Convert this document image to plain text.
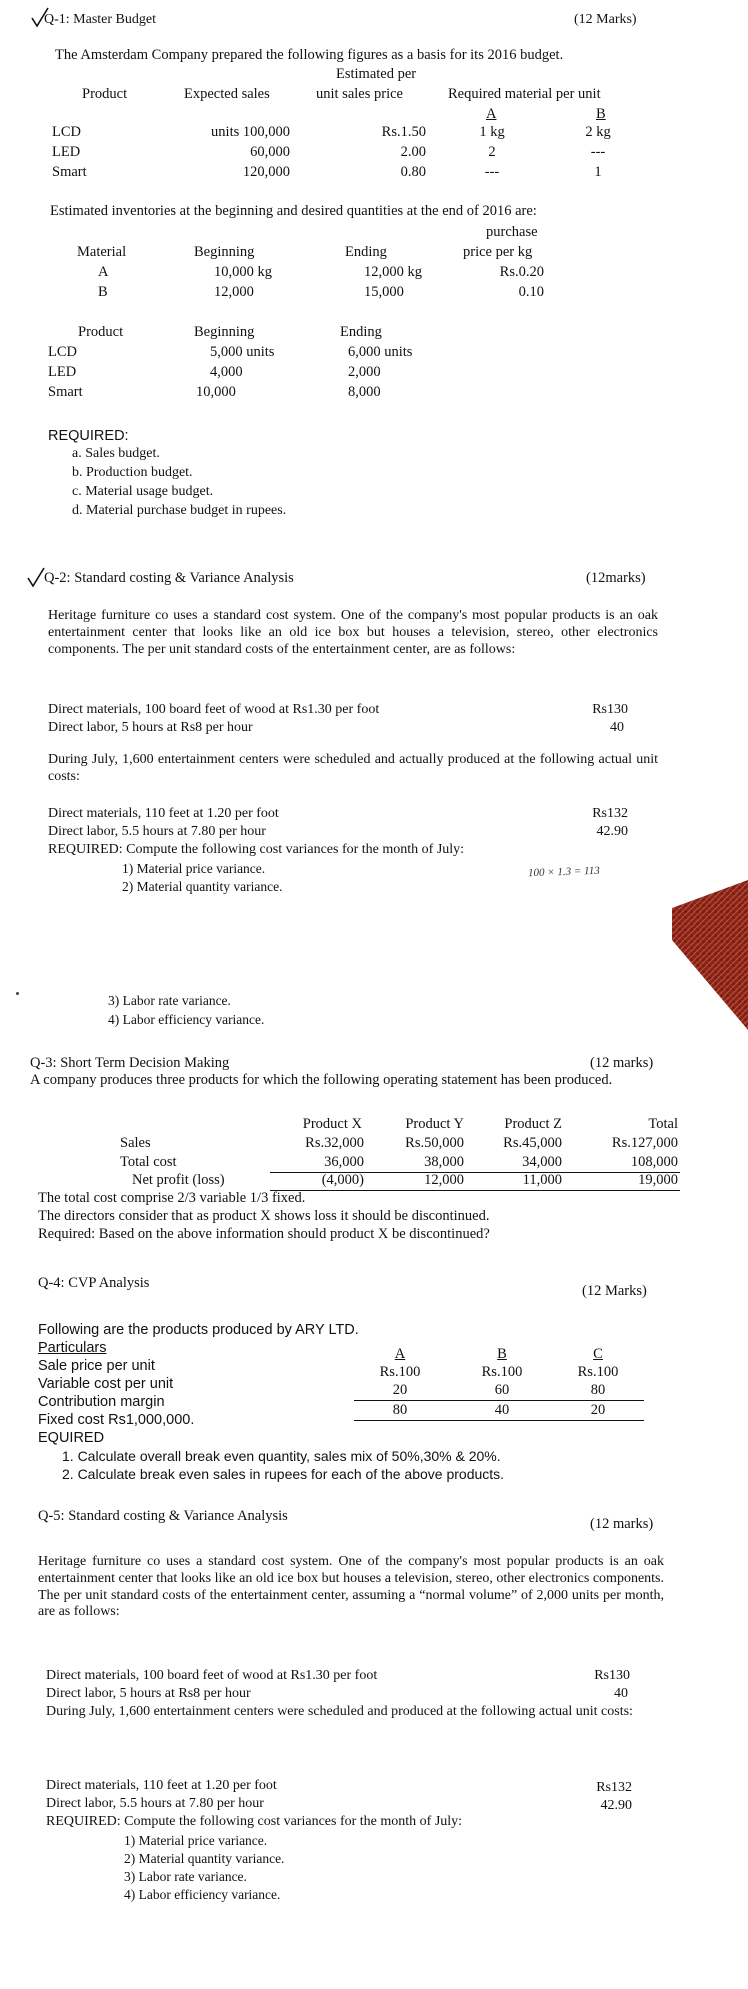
Q-1: Master Budget	(12 Marks)
The Amsterdam Company prepared the following figures as a basis for its 2016 budget.
Estimated per
Product	Expected sales	unit sales price	Required material per unit
A	B
LCD	units 100,000	Rs.1.50	1 kg	2 kg
LED	60,000	2.00	2	---
Smart	120,000	0.80	---	1
Estimated inventories at the beginning and desired quantities at the end of 2016 are:
purchase
Material	Beginning	Ending	price per kg
A	10,000 kg	12,000 kg	Rs.0.20
B	12,000	15,000	0.10
Product	Beginning	Ending
LCD	5,000 units	6,000 units
LED	4,000	2,000
Smart	10,000	8,000
REQUIRED:
a. Sales budget.
b. Production budget.
c. Material usage budget.
d. Material purchase budget in rupees.
Q-2: Standard costing & Variance Analysis	(12marks)
Heritage furniture co uses a standard cost system. One of the company's most popular products is an oak entertainment center that looks like an old ice box but houses a television, stereo, other electronics components. The per unit standard costs of the entertainment center, are as follows:
Direct materials, 100 board feet of wood at Rs1.30 per foot	Rs130
Direct labor, 5 hours at Rs8 per hour	40
During July, 1,600 entertainment centers were scheduled and actually produced at the following actual unit costs:
Direct materials, 110 feet at 1.20 per foot	Rs132
Direct labor, 5.5 hours at 7.80 per hour	42.90
REQUIRED: Compute the following cost variances for the month of July:
1) Material price variance.
2) Material quantity variance.
100 × 1.3 = 113
3) Labor rate variance.
4) Labor efficiency variance.
Q-3: Short Term Decision Making	(12 marks)
A company produces three products for which the following operating statement has been produced.
Product X	Product Y	Product Z	Total
Sales	Rs.32,000	Rs.50,000	Rs.45,000	Rs.127,000
Total cost	36,000	38,000	34,000	108,000
Net profit (loss)	(4,000)	12,000	11,000	19,000
The total cost comprise 2/3 variable 1/3 fixed.
The directors consider that as product X shows loss it should be discontinued.
Required: Based on the above information should product X be discontinued?
Q-4: CVP Analysis	(12 Marks)
Following are the products produced by ARY LTD.
Particulars	A	B	C
Sale price per unit	Rs.100	Rs.100	Rs.100
Variable cost per unit	20	60	80
Contribution margin	80	40	20
Fixed cost Rs1,000,000.
EQUIRED
1. Calculate overall break even quantity, sales mix of 50%,30% & 20%.
2. Calculate break even sales in rupees for each of the above products.
Q-5: Standard costing & Variance Analysis	(12 marks)
Heritage furniture co uses a standard cost system. One of the company's most popular products is an oak entertainment center that looks like an old ice box but houses a television, stereo, other electronics components. The per unit standard costs of the entertainment center, assuming a “normal volume” of 2,000 units per month, are as follows:
Direct materials, 100 board feet of wood at Rs1.30 per foot	Rs130
Direct labor, 5 hours at Rs8 per hour	40
During July, 1,600 entertainment centers were scheduled and produced at the following actual unit costs:
Direct materials, 110 feet at 1.20 per foot	Rs132
Direct labor, 5.5 hours at 7.80 per hour	42.90
REQUIRED: Compute the following cost variances for the month of July:
1) Material price variance.
2) Material quantity variance.
3) Labor rate variance.
4) Labor efficiency variance.
